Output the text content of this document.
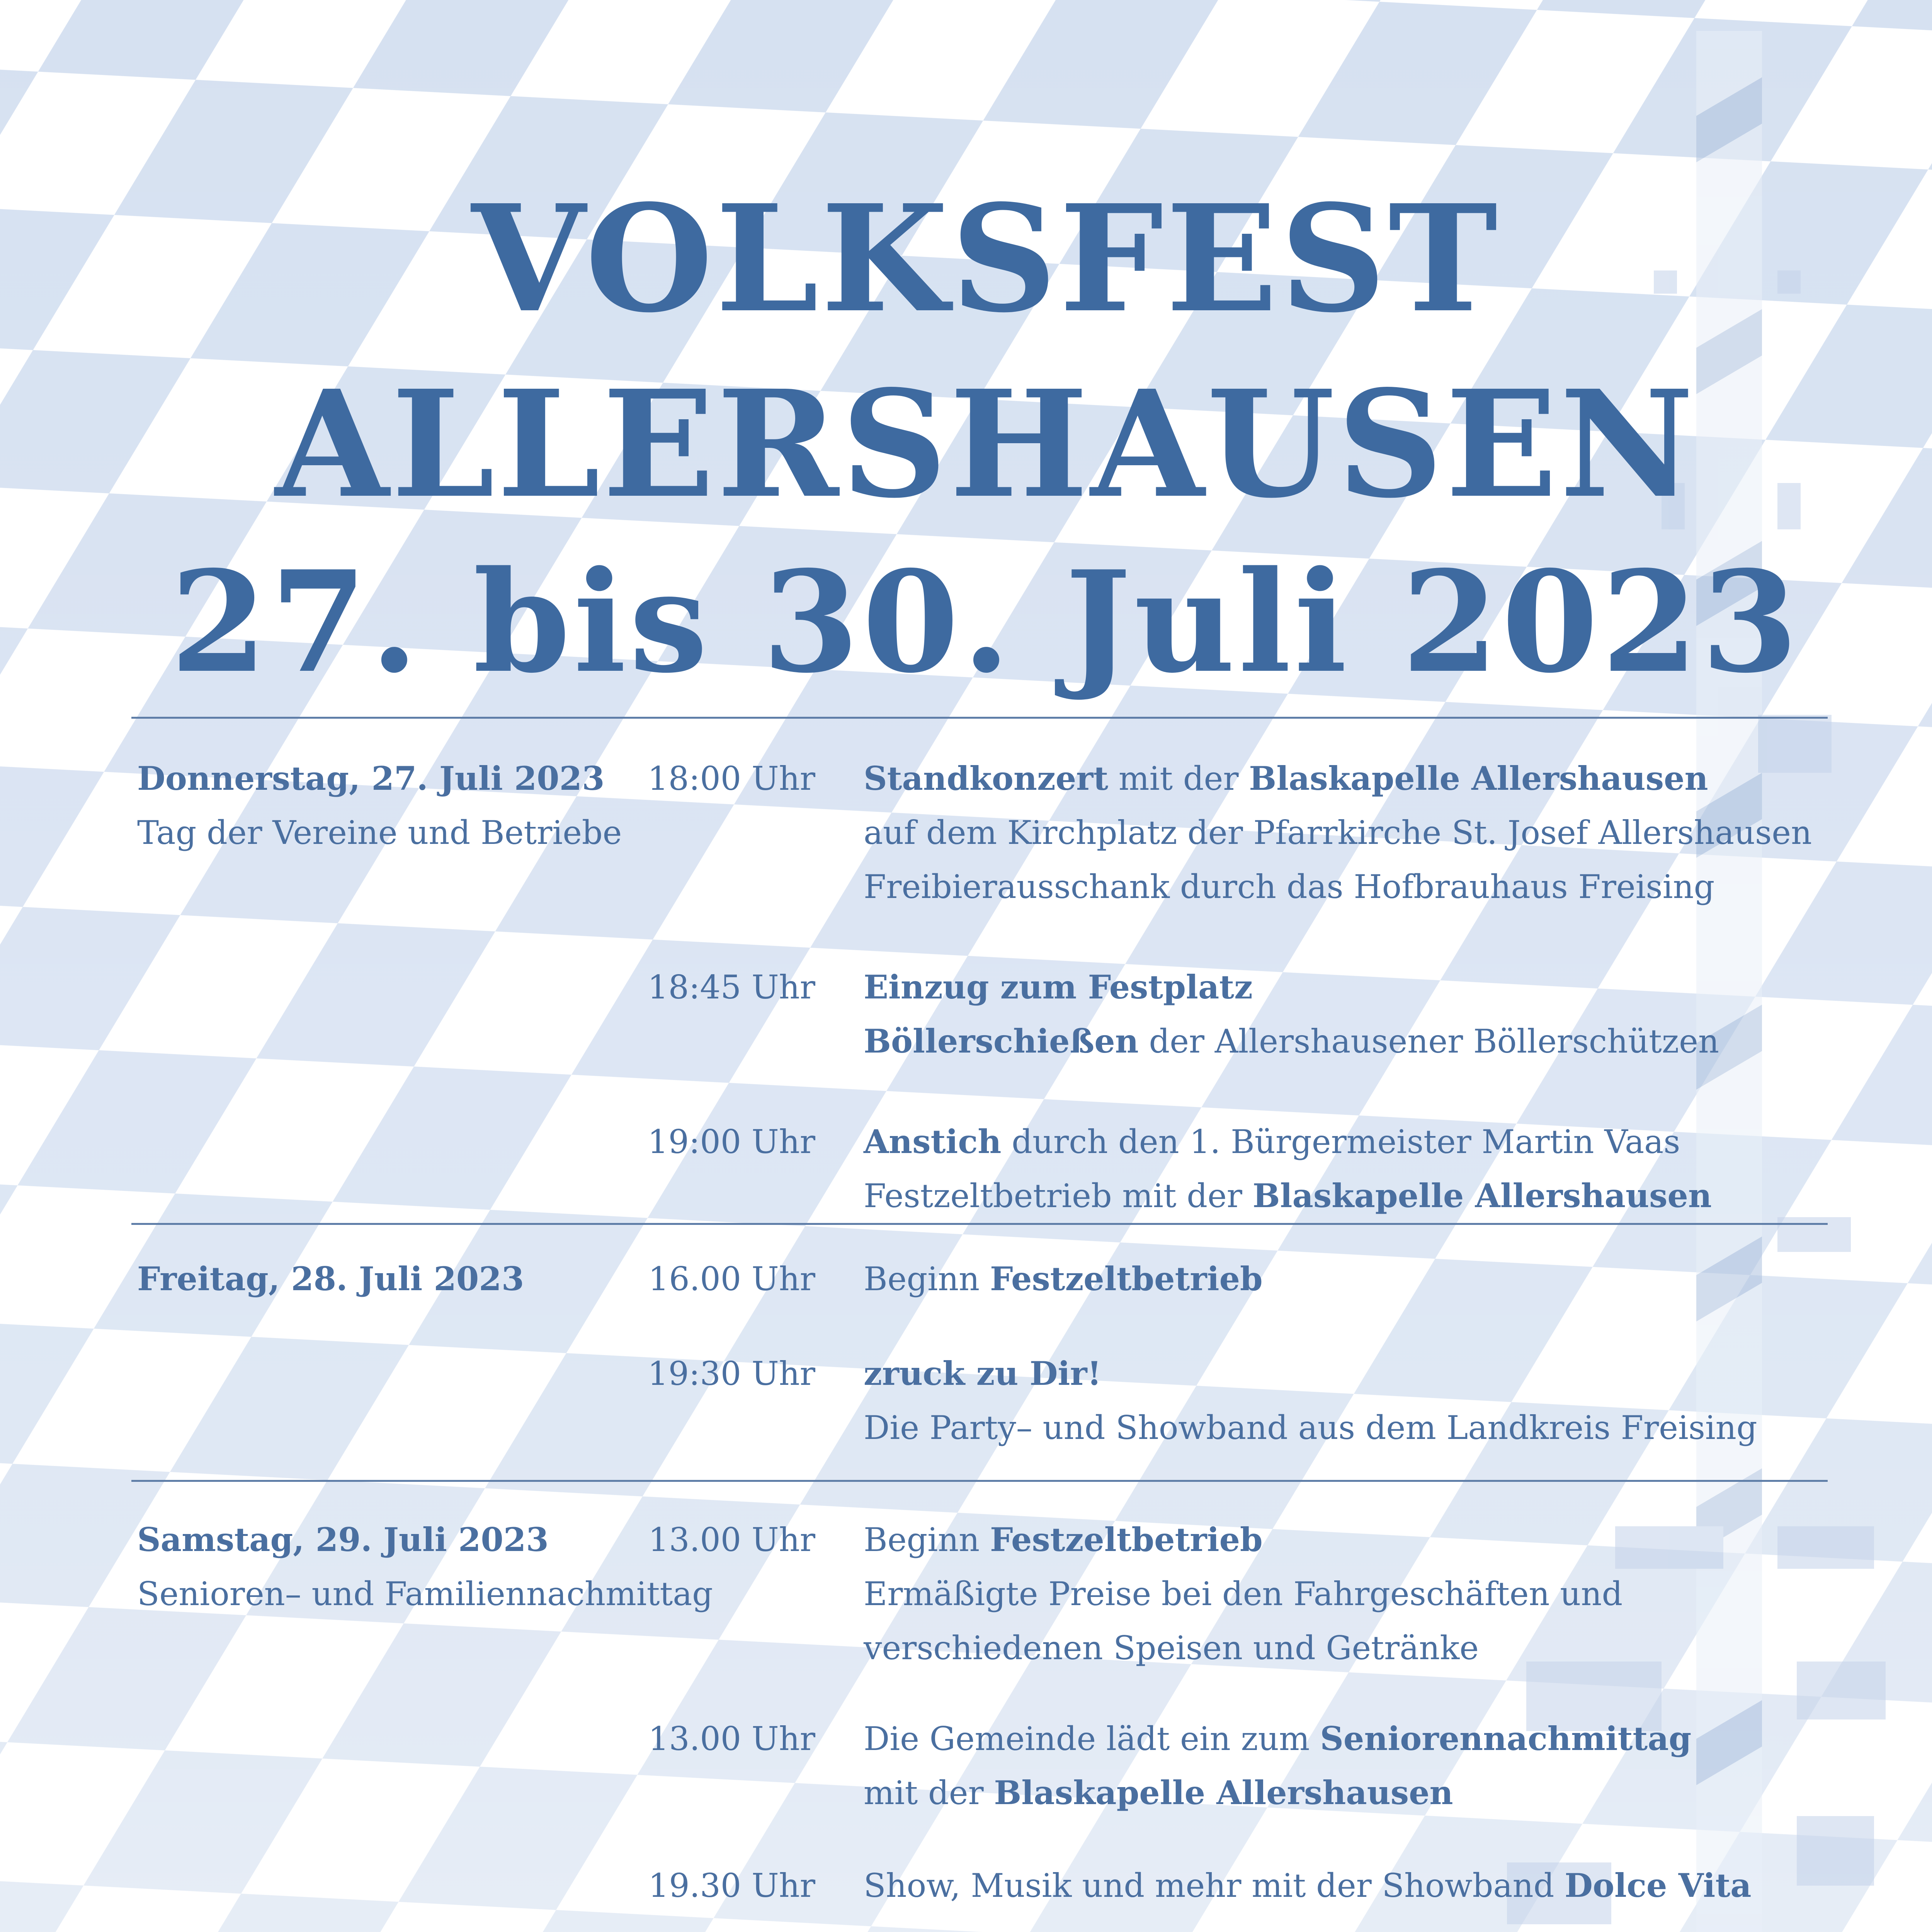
VOLKSFEST
ALLERSHAUSEN
27. bis 30. Juli 2023
Donnerstag, 27. Juli 2023
Tag der Vereine und Betriebe
18:00 Uhr Standkonzert mit der Blaskapelle Allershausen
auf dem Kirchplatz der Pfarrkirche St. Josef Allershausen
Freibierausschank durch das Hofbrauhaus Freising
18:45 Uhr Einzug zum Festplatz
Böllerschießen der Allershausener Böllerschützen
19:00 Uhr Anstich durch den 1. Bürgermeister Martin Vaas
Festzeltbetrieb mit der Blaskapelle Allershausen
Freitag, 28. Juli 2023	16.00 Uhr Beginn Festzeltbetrieb
19:30 Uhr zruck zu Dir!
Die Party– und Showband aus dem Landkreis Freising
Samstag, 29. Juli 2023
Senioren– und Familiennachmittag
13.00 Uhr Beginn Festzeltbetrieb
Ermäßigte Preise bei den Fahrgeschäften und
verschiedenen Speisen und Getränke
13.00 Uhr Die Gemeinde lädt ein zum Seniorennachmittag
mit der Blaskapelle Allershausen
19.30 Uhr Show, Musik und mehr mit der Showband Dolce Vita
